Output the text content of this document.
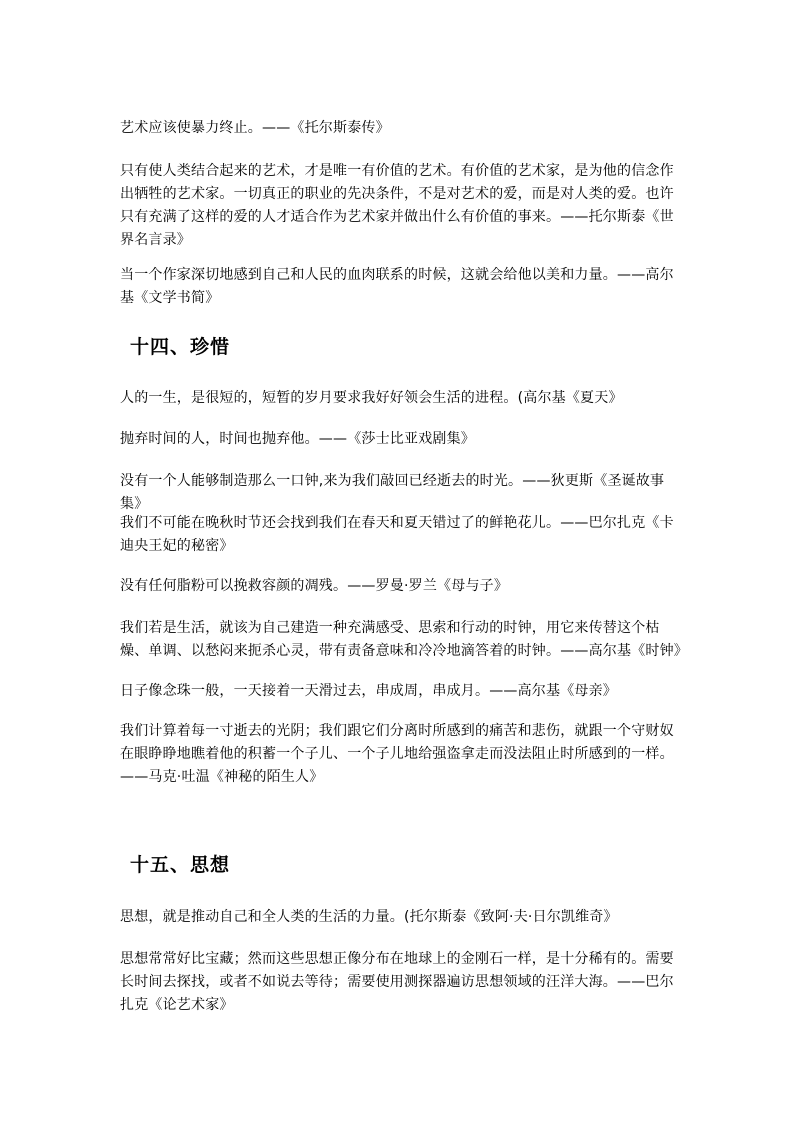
艺术应该使暴力终止。——《托尔斯泰传》

只有使人类结合起来的艺术，才是唯一有价值的艺术。有价值的艺术家，是为他的信念作出牺牲的艺术家。一切真正的职业的先决条件，不是对艺术的爱，而是对人类的爱。也许只有充满了这样的爱的人才适合作为艺术家并做出什么有价值的事来。——托尔斯泰《世界名言录》

当一个作家深切地感到自己和人民的血肉联系的时候，这就会给他以美和力量。——高尔基《文学书简》

十四、珍惜

人的一生，是很短的，短暂的岁月要求我好好领会生活的进程。(高尔基《夏天》

抛弃时间的人，时间也抛弃他。——《莎士比亚戏剧集》

没有一个人能够制造那么一口钟,来为我们敲回已经逝去的时光。——狄更斯《圣诞故事集》

我们不可能在晚秋时节还会找到我们在春天和夏天错过了的鲜艳花儿。——巴尔扎克《卡迪央王妃的秘密》

没有任何脂粉可以挽救容颜的凋残。——罗曼·罗兰《母与子》

我们若是生活，就该为自己建造一种充满感受、思索和行动的时钟，用它来传替这个枯燥、单调、以愁闷来扼杀心灵，带有责备意味和冷冷地滴答着的时钟。——高尔基《时钟》

日子像念珠一般，一天接着一天滑过去，串成周，串成月。——高尔基《母亲》

我们计算着每一寸逝去的光阴；我们跟它们分离时所感到的痛苦和悲伤，就跟一个守财奴在眼睁睁地瞧着他的积蓄一个子儿、一个子儿地给强盗拿走而没法阻止时所感到的一样。——马克·吐温《神秘的陌生人》

十五、思想

思想，就是推动自己和全人类的生活的力量。(托尔斯泰《致阿·夫·日尔凯维奇》

思想常常好比宝藏；然而这些思想正像分布在地球上的金刚石一样，是十分稀有的。需要长时间去探找，或者不如说去等待；需要使用测探器遍访思想领域的汪洋大海。——巴尔扎克《论艺术家》
